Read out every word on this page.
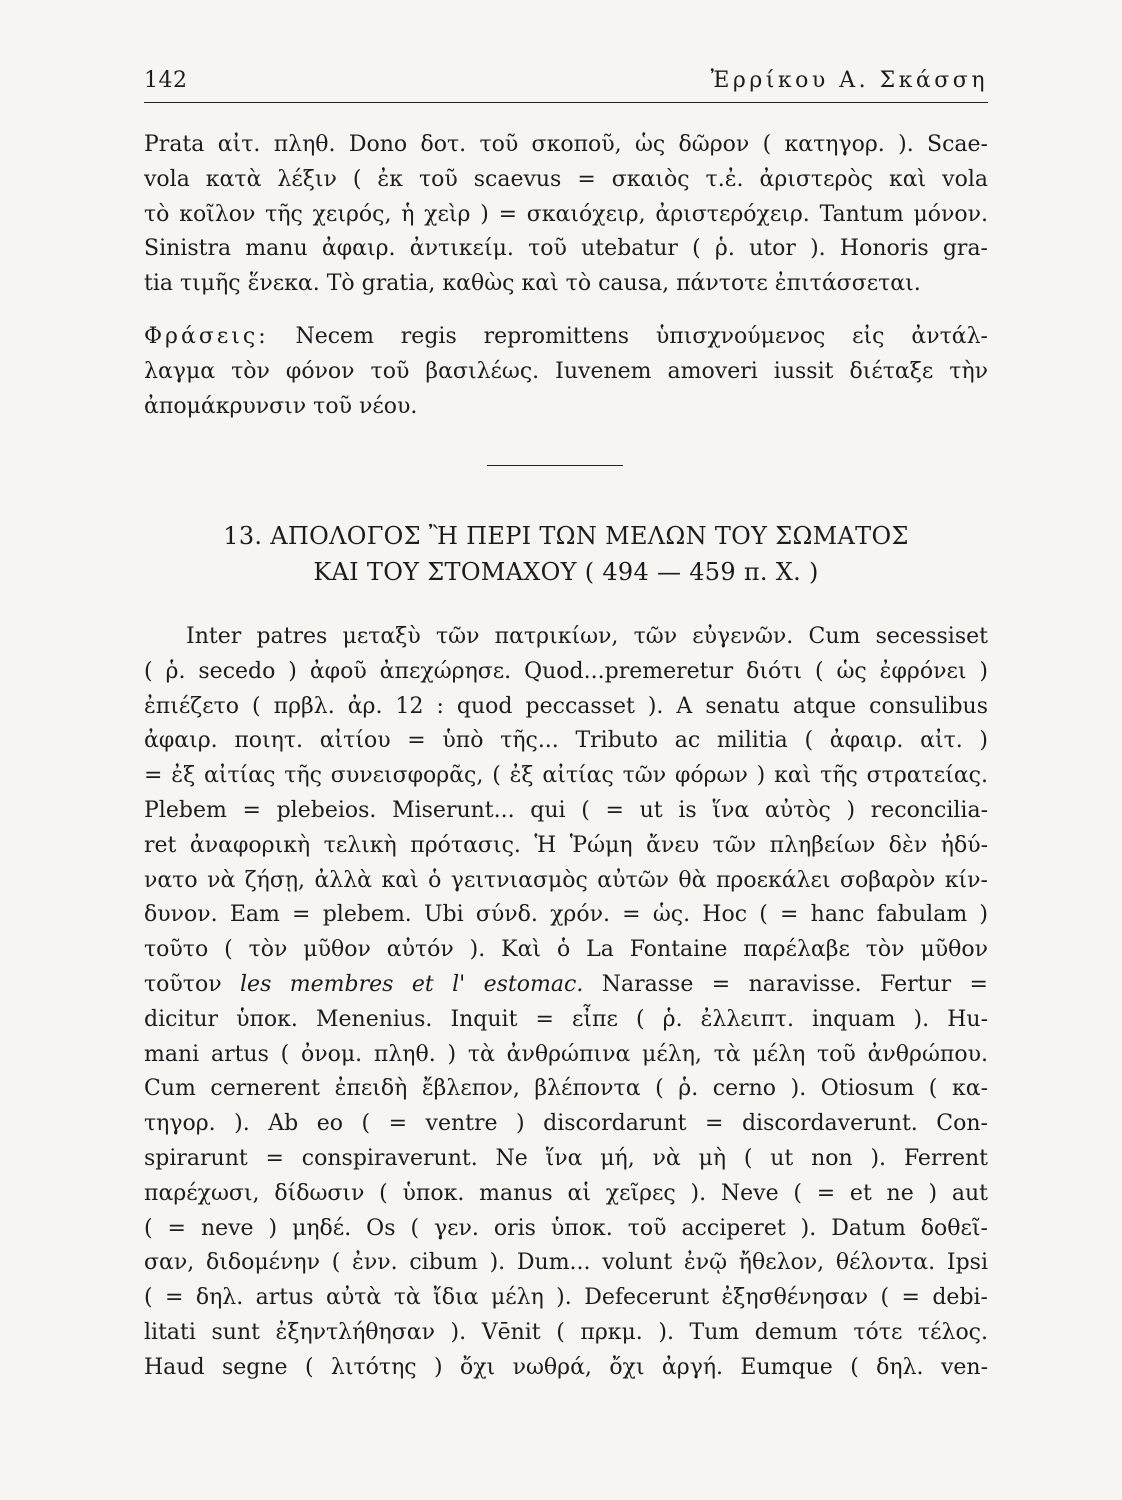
142	Ἐρρίκου Α. Σκάσση
Prata αἰτ. πληθ. Dono δοτ. τοῦ σκοποῦ, ὡς δῶρον ( κατηγορ. ). Scae-
vola κατὰ λέξιν ( ἐκ τοῦ scaevus = σκαιὸς τ.ἐ. ἀριστερὸς καὶ vola
τὸ κοῖλον τῆς χειρός, ἡ χεὶρ ) = σκαιόχειρ, ἀριστερόχειρ. Tantum μόνον.
Sinistra manu ἀφαιρ. ἀντικείμ. τοῦ utebatur ( ῥ. utor ). Honoris gra-
tia τιμῆς ἕνεκα. Τὸ gratia, καθὼς καὶ τὸ causa, πάντοτε ἐπιτάσσεται.
Φράσεις: Necem regis repromittens ὑπισχνούμενος εἰς ἀντάλ-
λαγμα τὸν φόνον τοῦ βασιλέως. Iuvenem amoveri iussit διέταξε τὴν
ἀπομάκρυνσιν τοῦ νέου.
13. ΑΠΟΛΟΓΟΣ Ἢ ΠΕΡΙ ΤΩΝ ΜΕΛΩΝ ΤΟΥ ΣΩΜΑΤΟΣ
ΚΑΙ ΤΟΥ ΣΤΟΜΑΧΟΥ ( 494 — 459 π. Χ. )
Inter patres μεταξὺ τῶν πατρικίων, τῶν εὐγενῶν. Cum secessiset
( ῥ. secedo ) ἀφοῦ ἀπεχώρησε. Quod...premeretur διότι ( ὡς ἐφρόνει )
ἐπιέζετο ( πρβλ. ἀρ. 12 : quod peccasset ). A senatu atque consulibus
ἀφαιρ. ποιητ. αἰτίου = ὑπὸ τῆς... Tributo ac militia ( ἀφαιρ. αἰτ. )
= ἐξ αἰτίας τῆς συνεισφορᾶς, ( ἐξ αἰτίας τῶν φόρων ) καὶ τῆς στρατείας.
Plebem = plebeios. Miserunt... qui ( = ut is ἵνα αὐτὸς ) reconcilia-
ret ἀναφορικὴ τελικὴ πρότασις. Ἡ Ῥώμη ἄνευ τῶν πληβείων δὲν ἠδύ-
νατο νὰ ζήσῃ, ἀλλὰ καὶ ὁ γειτνιασμὸς αὐτῶν θὰ προεκάλει σοβαρὸν κίν-
δυνον. Eam = plebem. Ubi σύνδ. χρόν. = ὡς. Hoc ( = hanc fabulam )
τοῦτο ( τὸν μῦθον αὐτόν ). Καὶ ὁ La Fontaine παρέλαβε τὸν μῦθον
τοῦτον les membres et l' estomac. Narasse = naravisse. Fertur =
dicitur ὑποκ. Menenius. Inquit = εἶπε ( ῥ. ἐλλειπτ. inquam ). Hu-
mani artus ( ὀνομ. πληθ. ) τὰ ἀνθρώπινα μέλη, τὰ μέλη τοῦ ἀνθρώπου.
Cum cernerent ἐπειδὴ ἔβλεπον, βλέποντα ( ῥ. cerno ). Otiosum ( κα-
τηγορ. ). Ab eo ( = ventre ) discordarunt = discordaverunt. Con-
spirarunt = conspiraverunt. Ne ἵνα μή, νὰ μὴ ( ut non ). Ferrent
παρέχωσι, δίδωσιν ( ὑποκ. manus αἱ χεῖρες ). Neve ( = et ne ) aut
( = neve ) μηδέ. Os ( γεν. oris ὑποκ. τοῦ acciperet ). Datum δοθεῖ-
σαν, διδομένην ( ἐνν. cibum ). Dum... volunt ἐνῷ ἤθελον, θέλοντα. Ipsi
( = δηλ. artus αὐτὰ τὰ ἴδια μέλη ). Defecerunt ἐξησθένησαν ( = debi-
litati sunt ἐξηντλήθησαν ). Vēnit ( πρκμ. ). Tum demum τότε τέλος.
Haud segne ( λιτότης ) ὄχι νωθρά, ὄχι ἀργή. Eumque ( δηλ. ven-
